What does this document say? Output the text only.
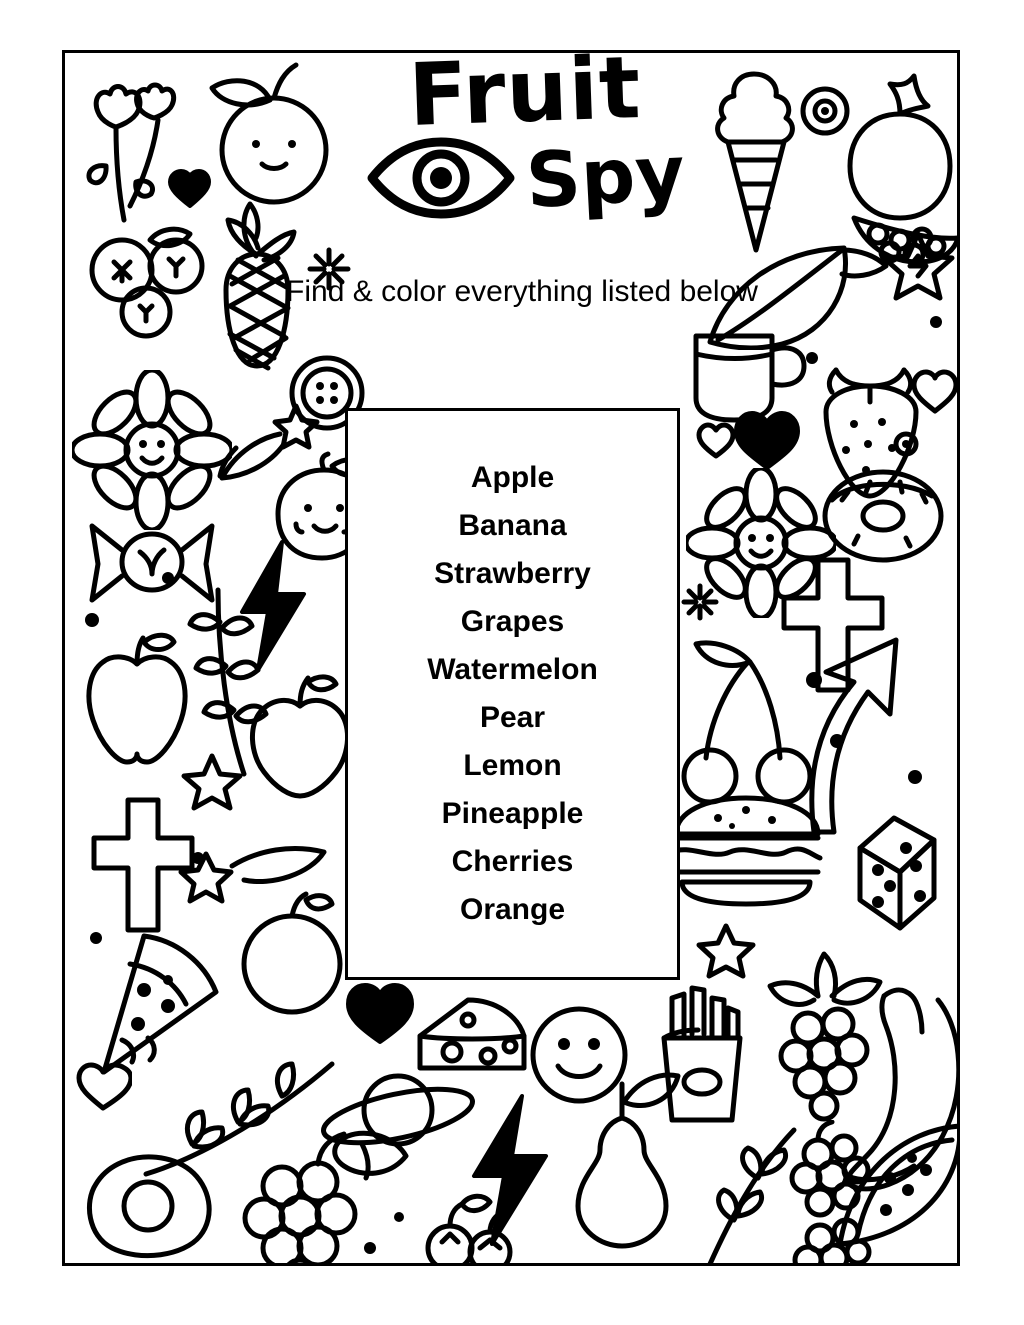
Fruit
Spy
Find & color everything listed below
Apple
Banana
Strawberry
Grapes
Watermelon
Pear
Lemon
Pineapple
Cherries
Orange
